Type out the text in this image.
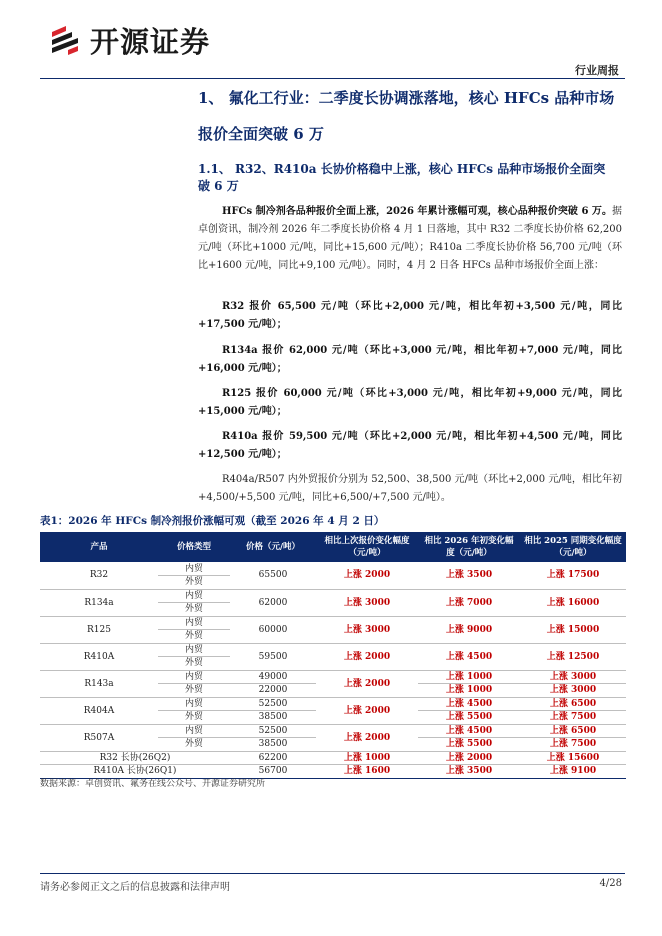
开源证券
行业周报
1、 氟化工行业：二季度长协调涨落地，核心 HFCs 品种市场
报价全面突破 6 万
1.1、 R32、R410a 长协价格稳中上涨，核心 HFCs 品种市场报价全面突
破 6 万
HFCs 制冷剂各品种报价全面上涨，2026 年累计涨幅可观，核心品种报价突破 6 万。据卓创资讯，制冷剂 2026 年二季度长协价格 4 月 1 日落地，其中 R32 二季度长协价格 62,200 元/吨（环比+1000 元/吨，同比+15,600 元/吨）；R410a 二季度长协价格 56,700 元/吨（环比+1600 元/吨，同比+9,100 元/吨）。同时，4 月 2 日各 HFCs 品种市场报价全面上涨：
R32 报价 65,500 元/吨（环比+2,000 元/吨，相比年初+3,500 元/吨，同比+17,500 元/吨）；
R134a 报价 62,000 元/吨（环比+3,000 元/吨，相比年初+7,000 元/吨，同比+16,000 元/吨）；
R125 报价 60,000 元/吨（环比+3,000 元/吨，相比年初+9,000 元/吨，同比+15,000 元/吨）；
R410a 报价 59,500 元/吨（环比+2,000 元/吨，相比年初+4,500 元/吨，同比+12,500 元/吨）；
R404a/R507 内外贸报价分别为 52,500、38,500 元/吨（环比+2,000 元/吨，相比年初+4,500/+5,500 元/吨，同比+6,500/+7,500 元/吨）。
表1：2026 年 HFCs 制冷剂报价涨幅可观（截至 2026 年 4 月 2 日）
产品	价格类型	价格（元/吨）	相比上次报价变化幅度（元/吨）	相比 2026 年初变化幅度（元/吨）	相比 2025 同期变化幅度（元/吨）
R32	内贸	65500	上涨 2000	上涨 3500	上涨 17500
	外贸				
R134a	内贸	62000	上涨 3000	上涨 7000	上涨 16000
	外贸				
R125	内贸	60000	上涨 3000	上涨 9000	上涨 15000
	外贸				
R410A	内贸	59500	上涨 2000	上涨 4500	上涨 12500
	外贸				
R143a	内贸	49000	上涨 2000	上涨 1000	上涨 3000
	外贸	22000		上涨 1000	上涨 3000
R404A	内贸	52500	上涨 2000	上涨 4500	上涨 6500
	外贸	38500		上涨 5500	上涨 7500
R507A	内贸	52500	上涨 2000	上涨 4500	上涨 6500
	外贸	38500		上涨 5500	上涨 7500
R32 长协(26Q2)		62200	上涨 1000	上涨 2000	上涨 15600
R410A 长协(26Q1)		56700	上涨 1600	上涨 3500	上涨 9100
数据来源：卓创资讯、氟务在线公众号、开源证券研究所
请务必参阅正文之后的信息披露和法律声明	4/28
